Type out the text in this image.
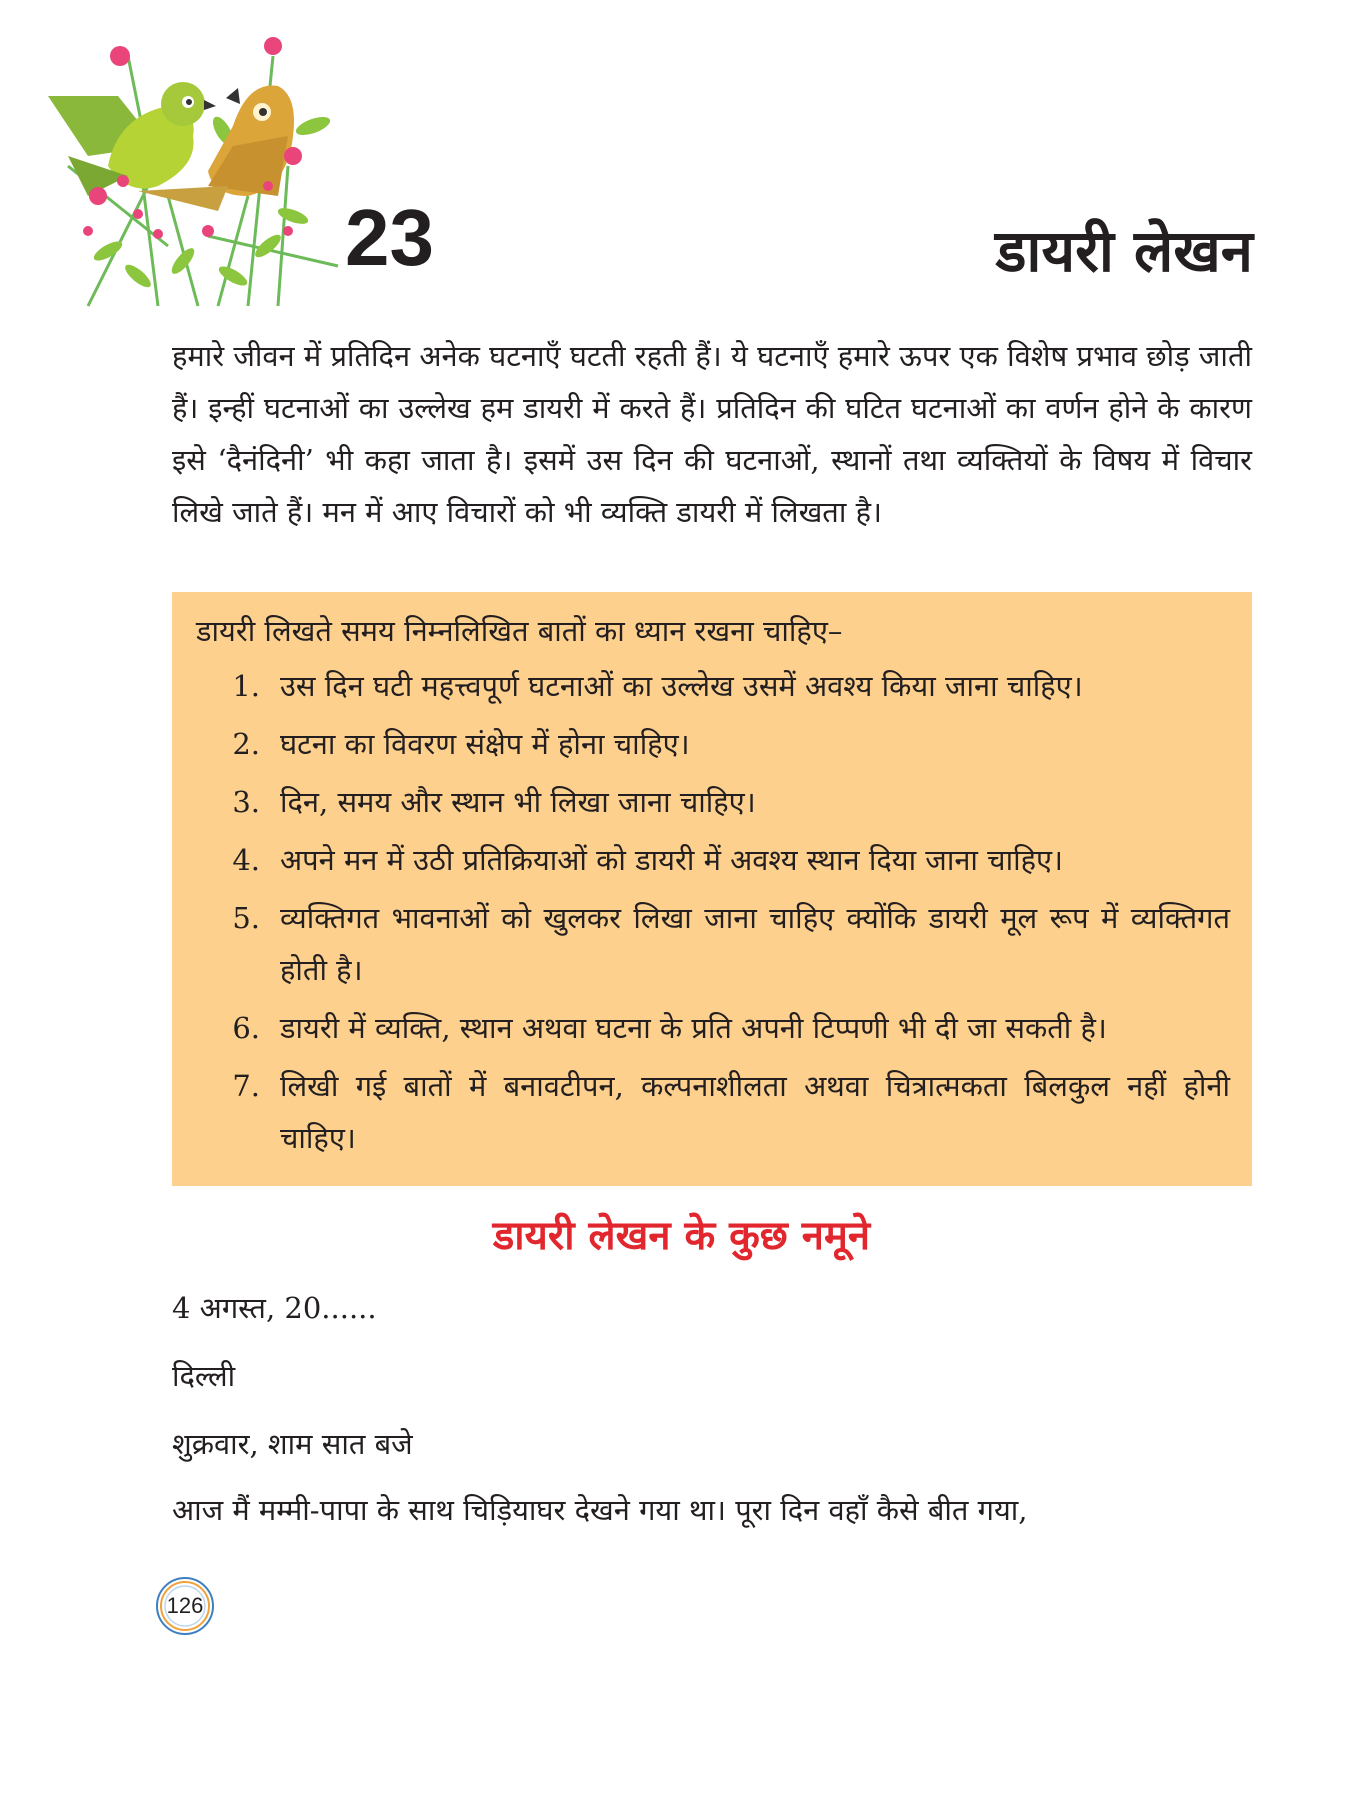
23	डायरी लेखन

हमारे जीवन में प्रतिदिन अनेक घटनाएँ घटती रहती हैं। ये घटनाएँ हमारे ऊपर एक विशेष प्रभाव छोड़ जाती हैं। इन्हीं घटनाओं का उल्लेख हम डायरी में करते हैं। प्रतिदिन की घटित घटनाओं का वर्णन होने के कारण इसे ‘दैनंदिनी’ भी कहा जाता है। इसमें उस दिन की घटनाओं, स्थानों तथा व्यक्तियों के विषय में विचार लिखे जाते हैं। मन में आए विचारों को भी व्यक्ति डायरी में लिखता है।

डायरी लिखते समय निम्नलिखित बातों का ध्यान रखना चाहिए–

1. उस दिन घटी महत्त्वपूर्ण घटनाओं का उल्लेख उसमें अवश्य किया जाना चाहिए।
2. घटना का विवरण संक्षेप में होना चाहिए।
3. दिन, समय और स्थान भी लिखा जाना चाहिए।
4. अपने मन में उठी प्रतिक्रियाओं को डायरी में अवश्य स्थान दिया जाना चाहिए।
5. व्यक्तिगत भावनाओं को खुलकर लिखा जाना चाहिए क्योंकि डायरी मूल रूप में व्यक्तिगत होती है।
6. डायरी में व्यक्ति, स्थान अथवा घटना के प्रति अपनी टिप्पणी भी दी जा सकती है।
7. लिखी गई बातों में बनावटीपन, कल्पनाशीलता अथवा चित्रात्मकता बिलकुल नहीं होनी चाहिए।
डायरी लेखन के कुछ नमूने

4 अगस्त, 20......

दिल्ली

शुक्रवार, शाम सात बजे

आज मैं मम्मी-पापा के साथ चिड़ियाघर देखने गया था। पूरा दिन वहाँ कैसे बीत गया,

126
